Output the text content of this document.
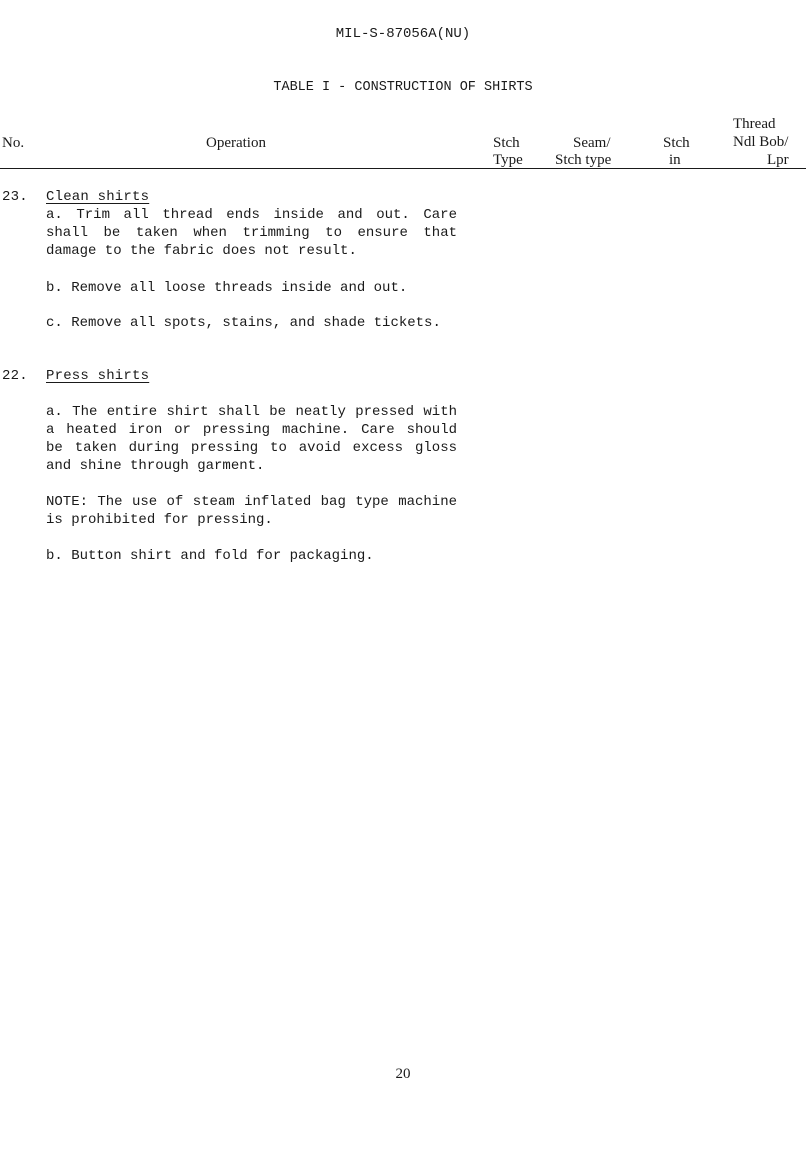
MIL-S-87056A(NU)
TABLE I - CONSTRUCTION OF SHIRTS
No.	Operation	Stch
Type
Seam/
Stch type
Stch
in
Thread
Ndl Bob/
Lpr
23. Clean shirts
a. Trim all thread ends inside and out. Care shall be taken when trimming to ensure that damage to the fabric does not result.
b. Remove all loose threads inside and out.
c. Remove all spots, stains, and shade tickets.
22. Press shirts
a. The entire shirt shall be neatly pressed with a heated iron or pressing machine. Care should be taken during pressing to avoid excess gloss and shine through garment.
NOTE: The use of steam inflated bag type machine is prohibited for pressing.
b. Button shirt and fold for packaging.
20
